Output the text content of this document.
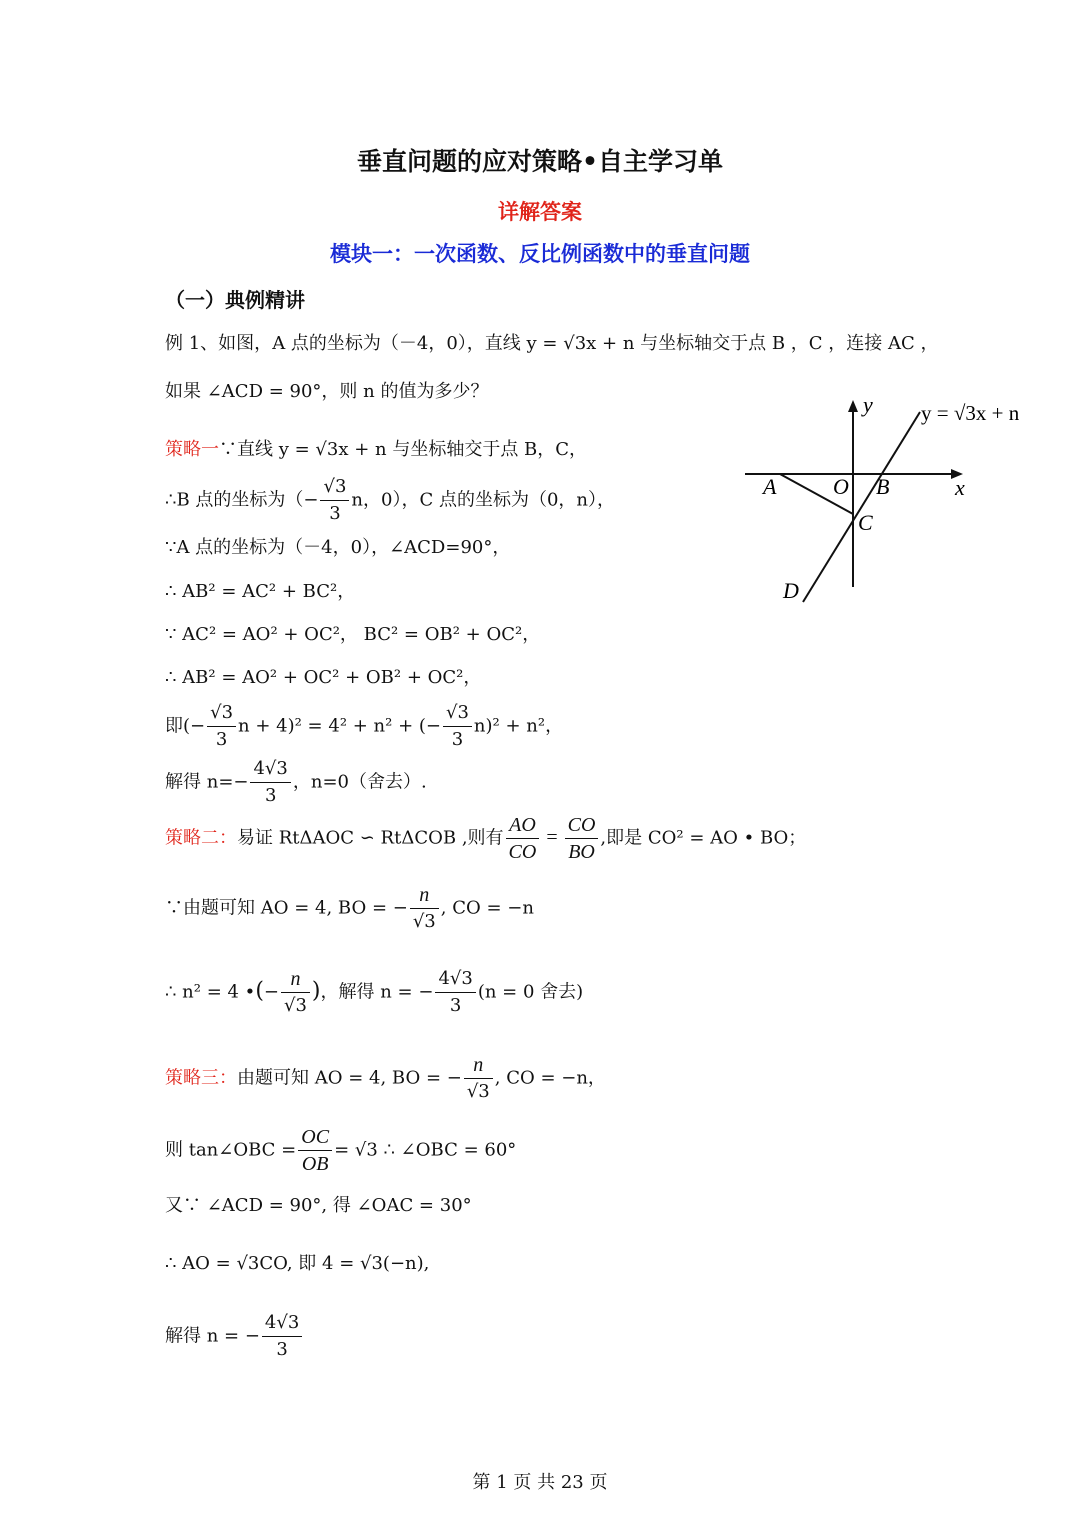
垂直问题的应对策略•自主学习单
详解答案
模块一：一次函数、反比例函数中的垂直问题
（一）典例精讲
例 1、如图，A 点的坐标为（－4，0），直线 y = √3x + n 与坐标轴交于点 B ，C ，连接 AC ，
如果 ∠ACD = 90°，则 n 的值为多少？
y
x
y = √3x + n
A	O B
C
D
策略一∵直线 y = √3x + n 与坐标轴交于点 B，C，
∴B 点的坐标为（− $\frac{√3}{3}$ n，0），C 点的坐标为（0，n），
∵A 点的坐标为（－4，0），∠ACD=90°，
∴ AB² = AC² + BC²，
∵ AC² = AO² + OC²， BC² = OB² + OC²，
∴ AB² = AO² + OC² + OB² + OC²，
即(− $\frac{√3}{3}$ n + 4)² = 4² + n² + (− $\frac{√3}{3} n)^2 + n^2$，
解得 $n=- \frac{4√3}{3}$ ，n=0（舍去）.
策略二：易证 RtΔAOC ∽ RtΔCOB ,则有 $\frac{AO}{CO} = \frac{CO}{BO}$ ,即是 CO² = AO • BO；
∵由题可知 AO = 4, BO = − $\frac{n}{√3}$ , CO = −n
∴ n² = 4 •(− $\frac{n}{√3}$ )，解得 n = − $\frac{4√3}{3} (n = 0$ 舍去)
策略三：由题可知 AO = 4, BO = − $\frac{n}{√3}$ , CO = −n，
则 tan∠OBC = $\frac{OC}{OB} = √3$ ∴ ∠OBC = 60°
又∵ ∠ACD = 90°, 得 ∠OAC = 30°
∴ AO = √3CO, 即 4 = √3(−n),
解得 n = − $\frac{4√3}{3}$
第 1 页 共 23 页
